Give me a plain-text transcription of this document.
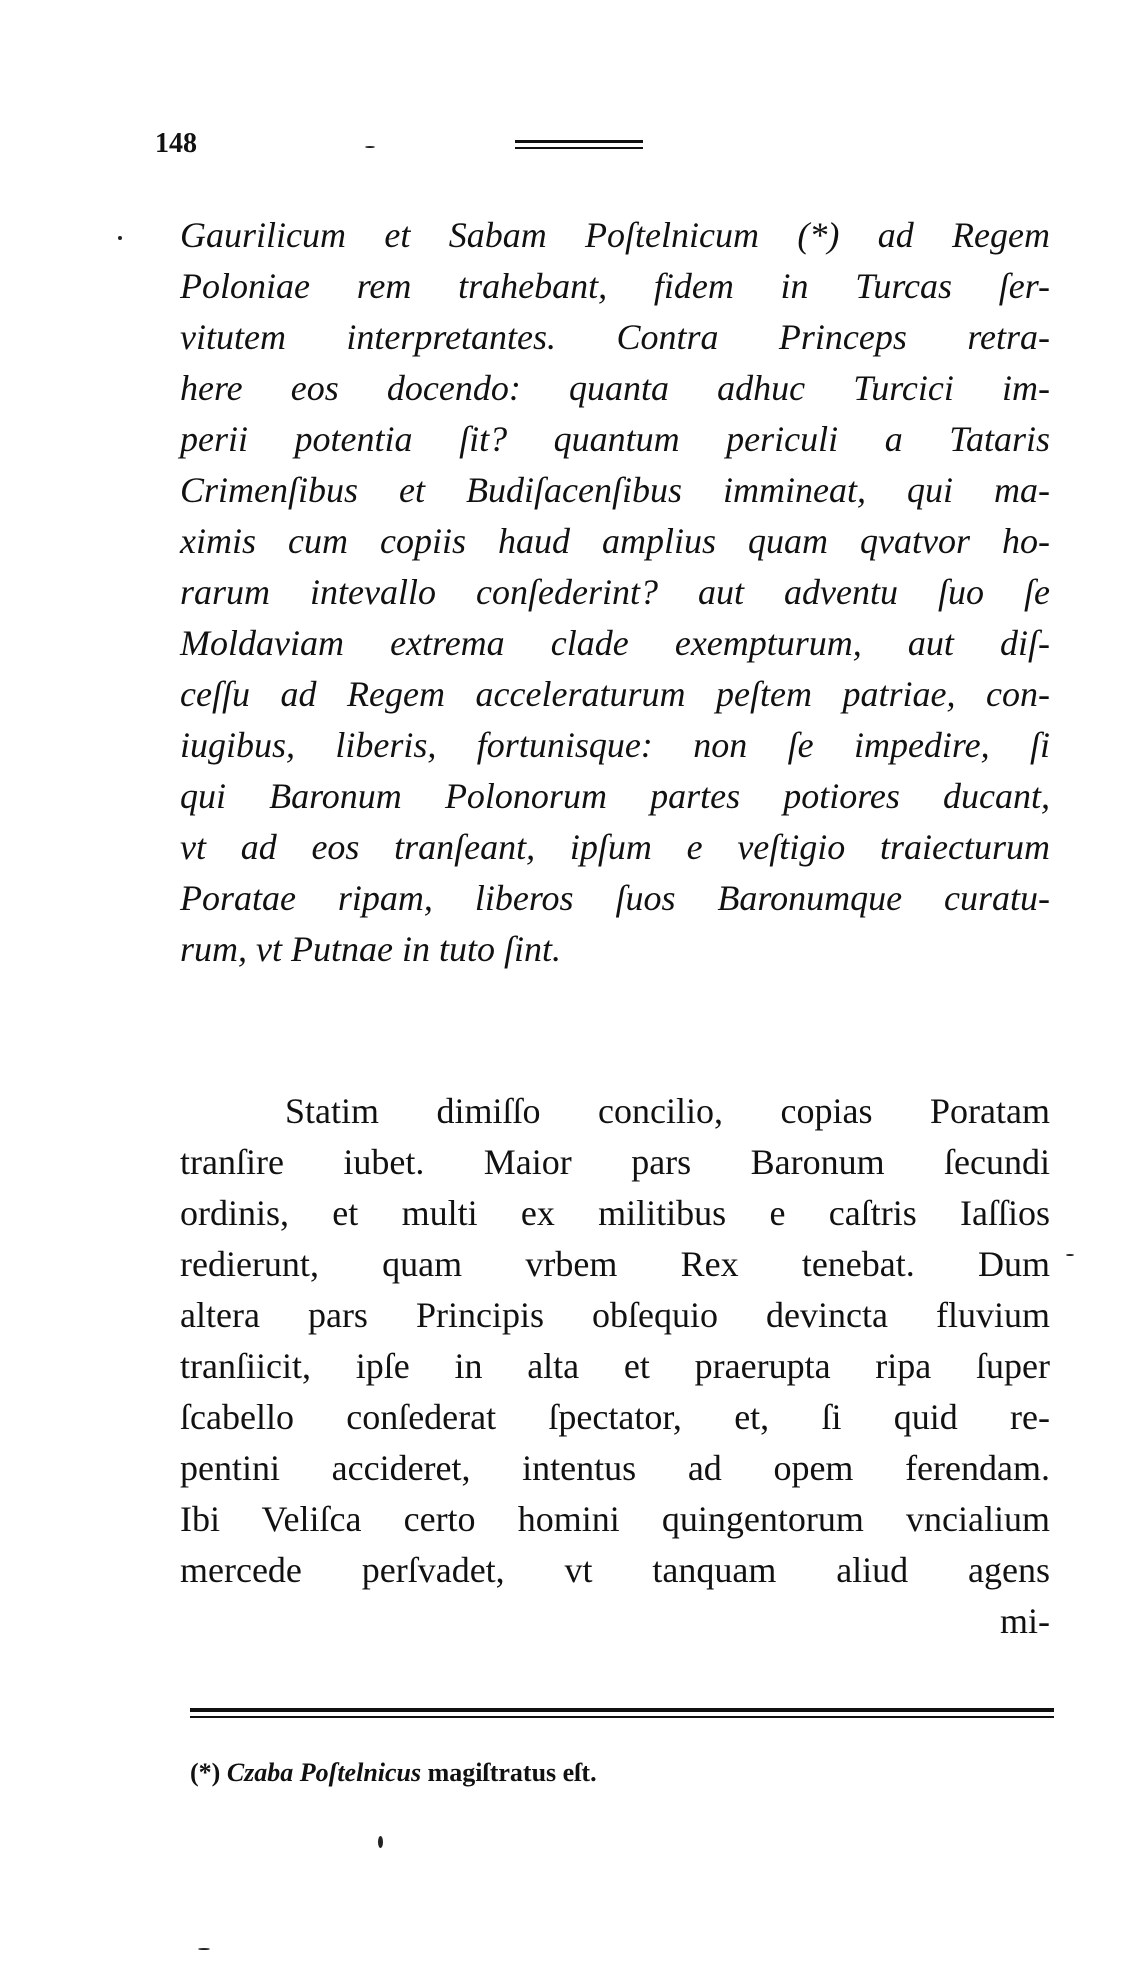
148
Gaurilicum et Sabam Poſtelnicum (*) ad Regem
Poloniae rem trahebant, fidem in Turcas ſer-
vitutem interpretantes. Contra Princeps retra-
here eos docendo: quanta adhuc Turcici im-
perii potentia ſit? quantum periculi a Tataris
Crimenſibus et Budiſacenſibus immineat, qui ma-
ximis cum copiis haud amplius quam qvatvor ho-
rarum intevallo conſederint? aut adventu ſuo ſe
Moldaviam extrema clade exempturum, aut diſ-
ceſſu ad Regem acceleraturum peſtem patriae, con-
iugibus, liberis, fortunisque: non ſe impedire, ſi
qui Baronum Polonorum partes potiores ducant,
vt ad eos tranſeant, ipſum e veſtigio traiecturum
Poratae ripam, liberos ſuos Baronumque curatu-
rum, vt Putnae in tuto ſint.
Statim dimiſſo concilio, copias Poratam
tranſire iubet. Maior pars Baronum ſecundi
ordinis, et multi ex militibus e caſtris Iaſſios
redierunt, quam vrbem Rex tenebat. Dum
altera pars Principis obſequio devincta fluvium
tranſiicit, ipſe in alta et praerupta ripa ſuper
ſcabello conſederat ſpectator, et, ſi quid re-
pentini accideret, intentus ad opem ferendam.
Ibi Veliſca certo homini quingentorum vncialium
mercede perſvadet, vt tanquam aliud agens
mi-
(*) Czaba Poſtelnicus magiſtratus eſt.
